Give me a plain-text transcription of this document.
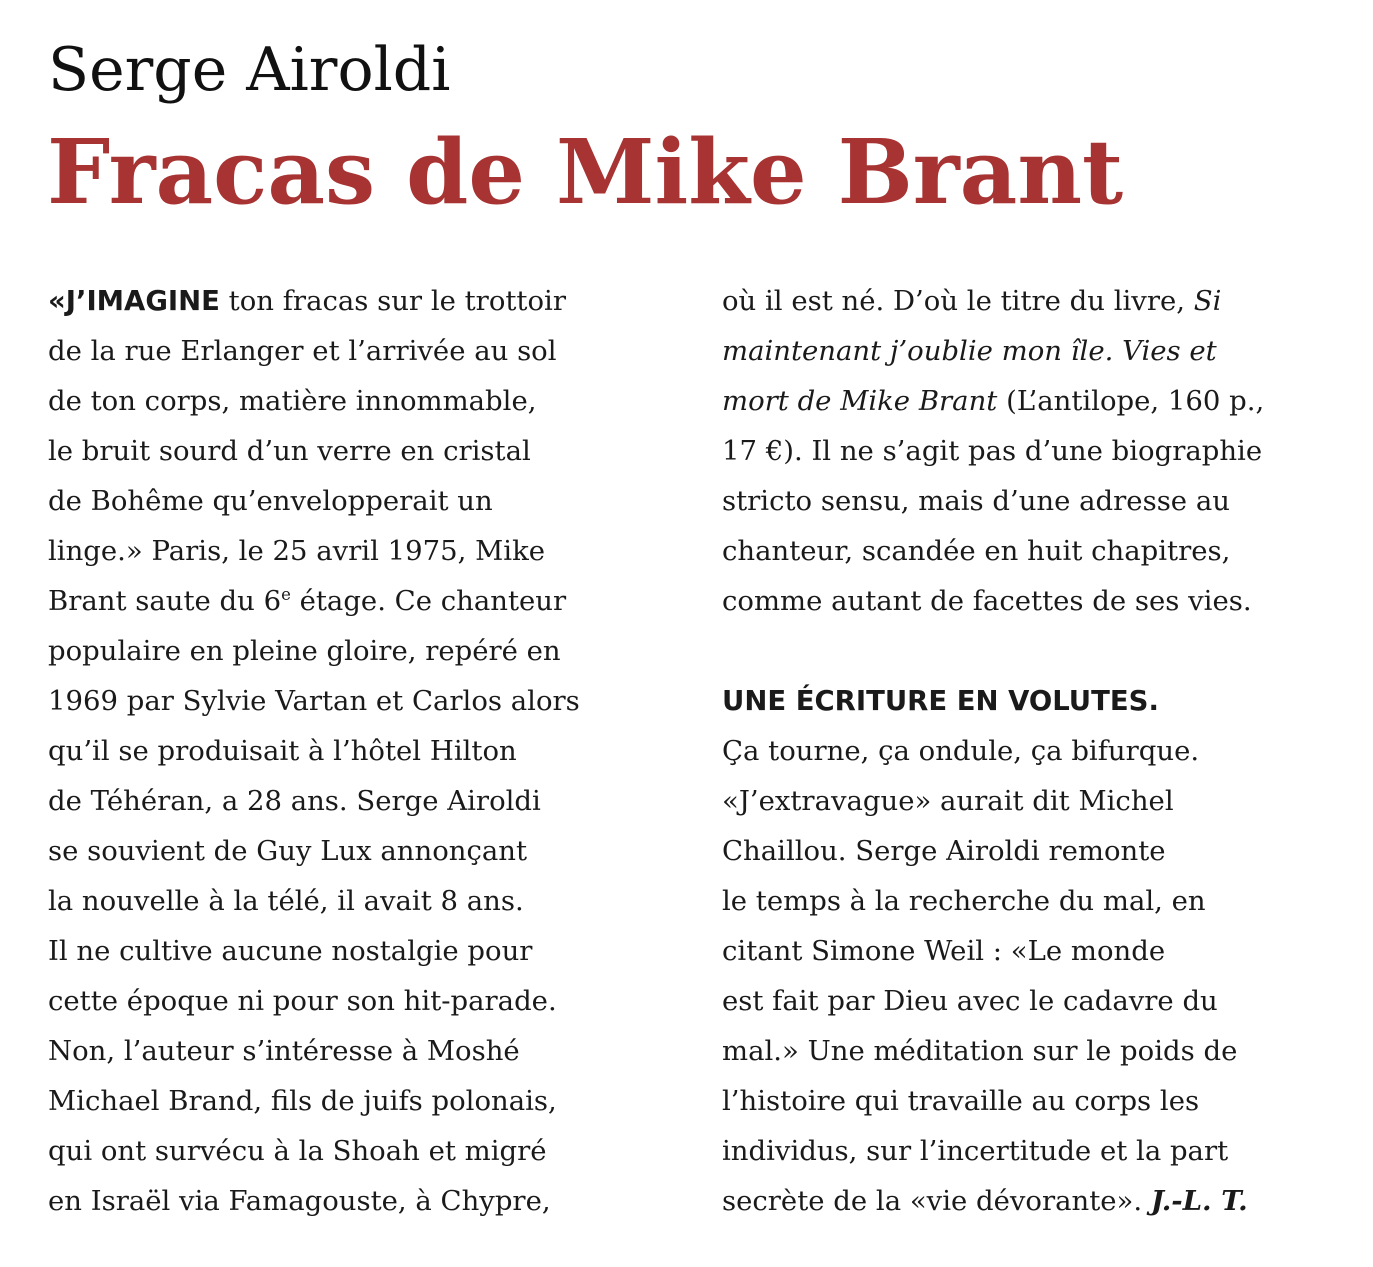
Serge Airoldi
Fracas de Mike Brant
«J’IMAGINE ton fracas sur le trottoir
de la rue Erlanger et l’arrivée au sol
de ton corps, matière innommable,
le bruit sourd d’un verre en cristal
de Bohême qu’envelopperait un
linge.» Paris, le 25 avril 1975, Mike
Brant saute du 6e étage. Ce chanteur
populaire en pleine gloire, repéré en
1969 par Sylvie Vartan et Carlos alors
qu’il se produisait à l’hôtel Hilton
de Téhéran, a 28 ans. Serge Airoldi
se souvient de Guy Lux annonçant
la nouvelle à la télé, il avait 8 ans.
Il ne cultive aucune nostalgie pour
cette époque ni pour son hit-parade.
Non, l’auteur s’intéresse à Moshé
Michael Brand, fils de juifs polonais,
qui ont survécu à la Shoah et migré
en Israël via Famagouste, à Chypre,
où il est né. D’où le titre du livre, Si
maintenant j’oublie mon île. Vies et
mort de Mike Brant (L’antilope, 160 p.,
17 €). Il ne s’agit pas d’une biographie
stricto sensu, mais d’une adresse au
chanteur, scandée en huit chapitres,
comme autant de facettes de ses vies.
UNE ÉCRITURE EN VOLUTES.
Ça tourne, ça ondule, ça bifurque.
«J’extravague» aurait dit Michel
Chaillou. Serge Airoldi remonte
le temps à la recherche du mal, en
citant Simone Weil : «Le monde
est fait par Dieu avec le cadavre du
mal.» Une méditation sur le poids de
l’histoire qui travaille au corps les
individus, sur l’incertitude et la part
secrète de la «vie dévorante». J.-L. T.
